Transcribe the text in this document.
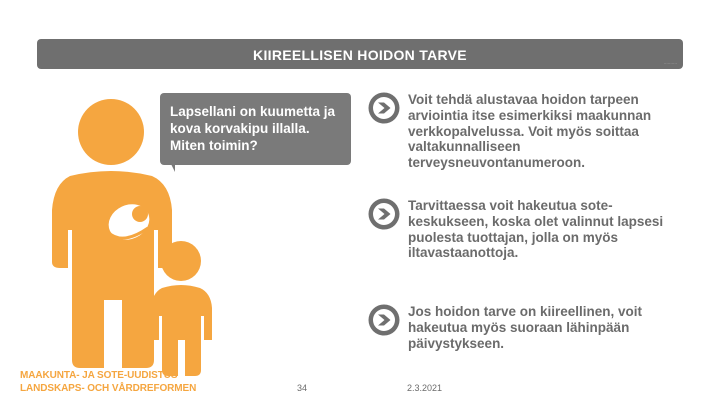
KIIREELLISEN HOIDON TARVE
··········
Lapsellani on kuumetta ja kova korvakipu illalla. Miten toimin?
Voit tehdä alustavaa hoidon tarpeen arviointia itse esimerkiksi maakunnan verkkopalvelussa. Voit myös soittaa valtakunnalliseen terveysneuvontanumeroon.
Tarvittaessa voit hakeutua sote-keskukseen, koska olet valinnut lapsesi puolesta tuottajan, jolla on myös iltavastaanottoja.
Jos hoidon tarve on kiireellinen, voit hakeutua myös suoraan lähinpään päivystykseen.
MAAKUNTA- JA SOTE-UUDISTUS
LANDSKAPS- OCH VÅRDREFORMEN	34	2.3.2021
